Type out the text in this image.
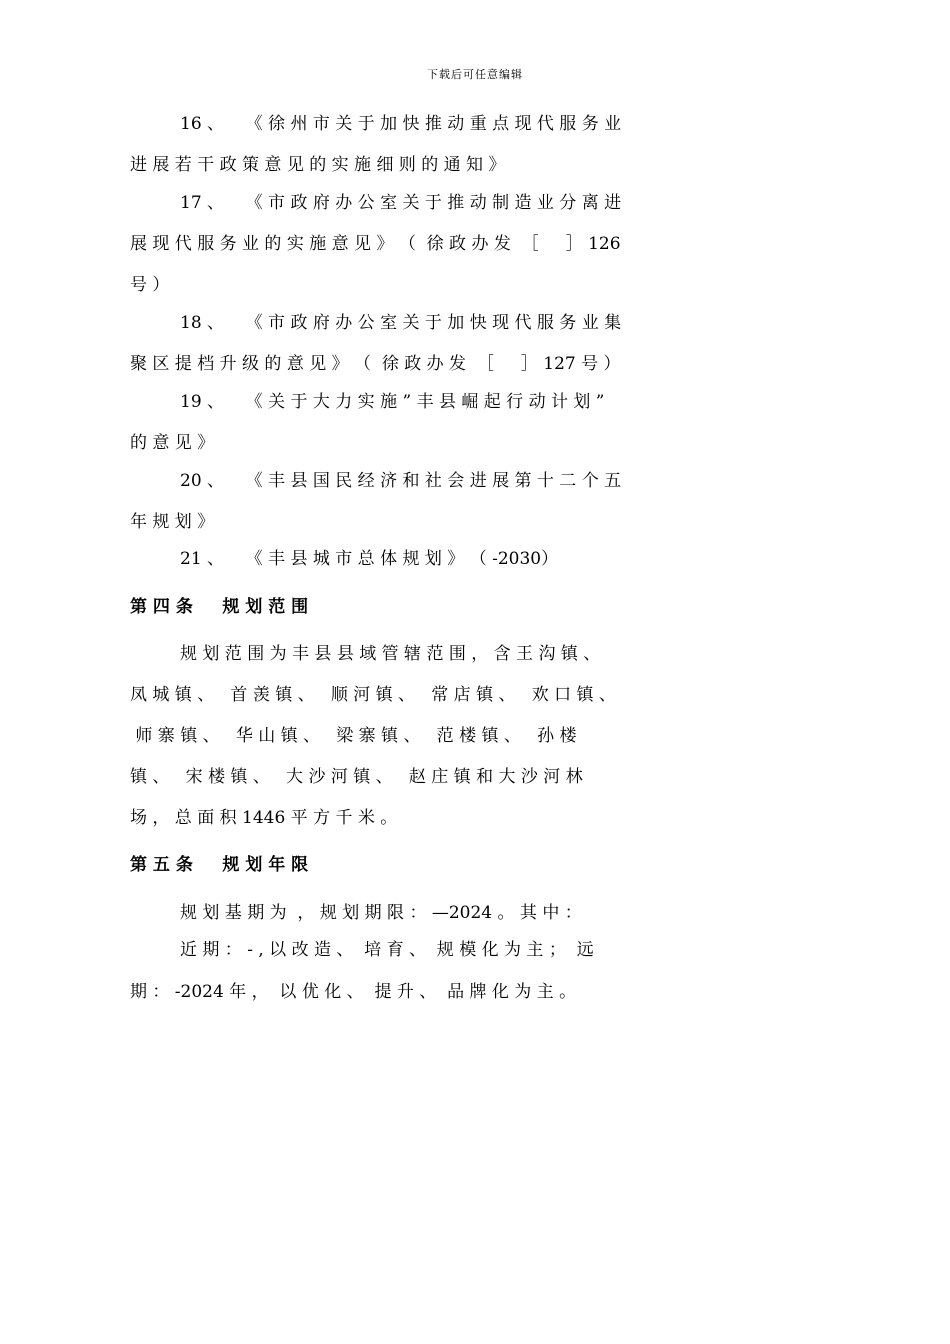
下载后可任意编辑
16 、    《 徐 州 市 关 于 加 快 推 动 重 点 现 代 服 务 业
进 展 若 干 政 策 意 见 的 实 施 细 则 的 通 知 》
17 、    《 市 政 府 办 公 室 关 于 推 动 制 造 业 分 离 进
展 现 代 服 务 业 的 实 施 意 见 》 （  徐 政 办 发  ［     ］ 126
号 ）
18 、    《 市 政 府 办 公 室 关 于 加 快 现 代 服 务 业 集
聚 区 提 档 升 级 的 意 见 》 （  徐 政 办 发  ［     ］ 127 号 ）
19 、    《 关 于 大 力 实 施 ” 丰 县 崛 起 行 动 计 划 ”
的 意 见 》
20 、    《 丰 县 国 民 经 济 和 社 会 进 展 第 十 二 个 五
年 规 划 》
21 、    《 丰 县 城 市 总 体 规 划 》 （ -2030）
第 四 条     规 划 范 围
规 划 范 围 为 丰 县 县 域 管 辖 范 围 ， 含 王 沟 镇 、
凤 城 镇 、   首 羡 镇 、   顺 河 镇 、   常 店 镇 、   欢 口 镇 、
师 寨 镇 、   华 山 镇 、   梁 寨 镇 、   范 楼 镇 、   孙 楼
镇 、   宋 楼 镇 、   大 沙 河 镇 、   赵 庄 镇 和 大 沙 河 林
场 ， 总 面 积 1446 平 方 千 米 。
第 五 条     规 划 年 限
规 划 基 期 为  ， 规 划 期 限 ： —2024 。 其 中 ：
近 期 ： - , 以 改 造 、  培 育 、  规 模 化 为 主 ；  远
期 ： -2024 年 ，  以 优 化 、  提 升 、  品 牌 化 为 主 。
